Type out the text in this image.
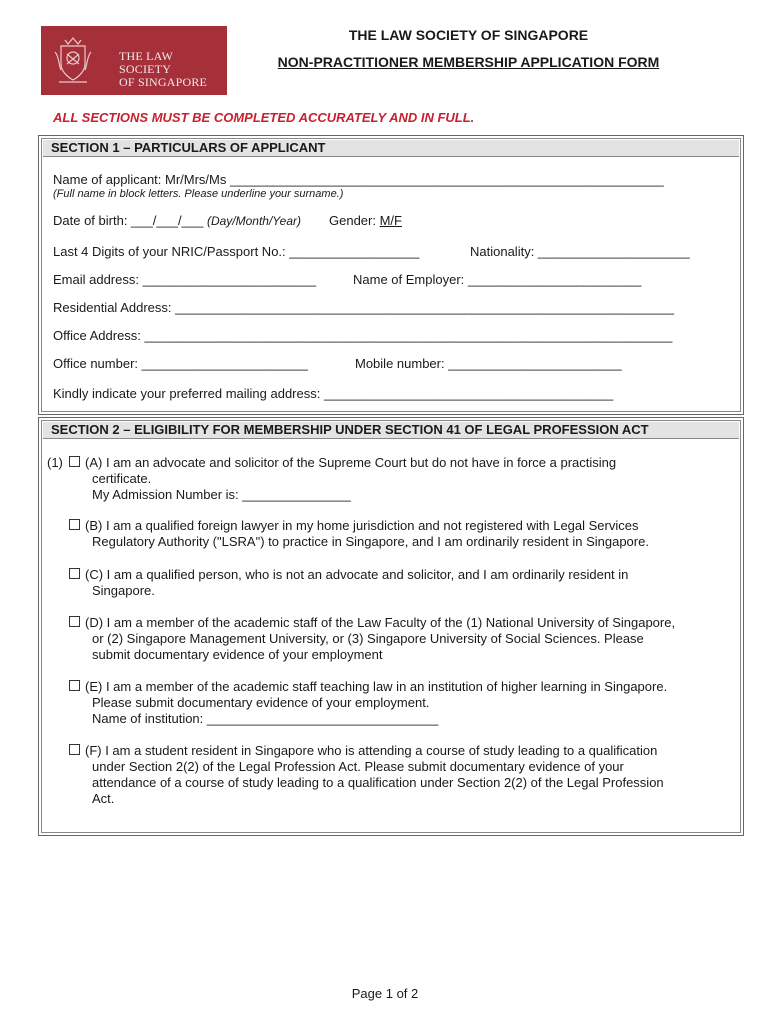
THE LAW SOCIETY
OF SINGAPORE
THE LAW SOCIETY OF SINGAPORE
NON-PRACTITIONER MEMBERSHIP APPLICATION FORM
ALL SECTIONS MUST BE COMPLETED ACCURATELY AND IN FULL.
SECTION 1 – PARTICULARS OF APPLICANT
Name of applicant: Mr/Mrs/Ms ____________________________________________________________
(Full name in block letters. Please underline your surname.)
Date of birth: ___/___/___ (Day/Month/Year) Gender: M/F
Last 4 Digits of your NRIC/Passport No.: __________________	Nationality: _____________________
Email address: ________________________	Name of Employer: ________________________
Residential Address: _____________________________________________________________________
Office Address: _________________________________________________________________________
Office number: _______________________	Mobile number: ________________________
Kindly indicate your preferred mailing address: ________________________________________
SECTION 2 – ELIGIBILITY FOR MEMBERSHIP UNDER SECTION 41 OF LEGAL PROFESSION ACT
(1)	(A) I am an advocate and solicitor of the Supreme Court but do not have in force a practising
certificate.
My Admission Number is: _______________
(B) I am a qualified foreign lawyer in my home jurisdiction and not registered with Legal Services
Regulatory Authority ("LSRA") to practice in Singapore, and I am ordinarily resident in Singapore.
(C) I am a qualified person, who is not an advocate and solicitor, and I am ordinarily resident in
Singapore.
(D) I am a member of the academic staff of the Law Faculty of the (1) National University of Singapore,
or (2) Singapore Management University, or (3) Singapore University of Social Sciences. Please
submit documentary evidence of your employment
(E) I am a member of the academic staff teaching law in an institution of higher learning in Singapore.
Please submit documentary evidence of your employment.
Name of institution: ________________________________
(F) I am a student resident in Singapore who is attending a course of study leading to a qualification
under Section 2(2) of the Legal Profession Act. Please submit documentary evidence of your
attendance of a course of study leading to a qualification under Section 2(2) of the Legal Profession
Act.
Page 1 of 2
